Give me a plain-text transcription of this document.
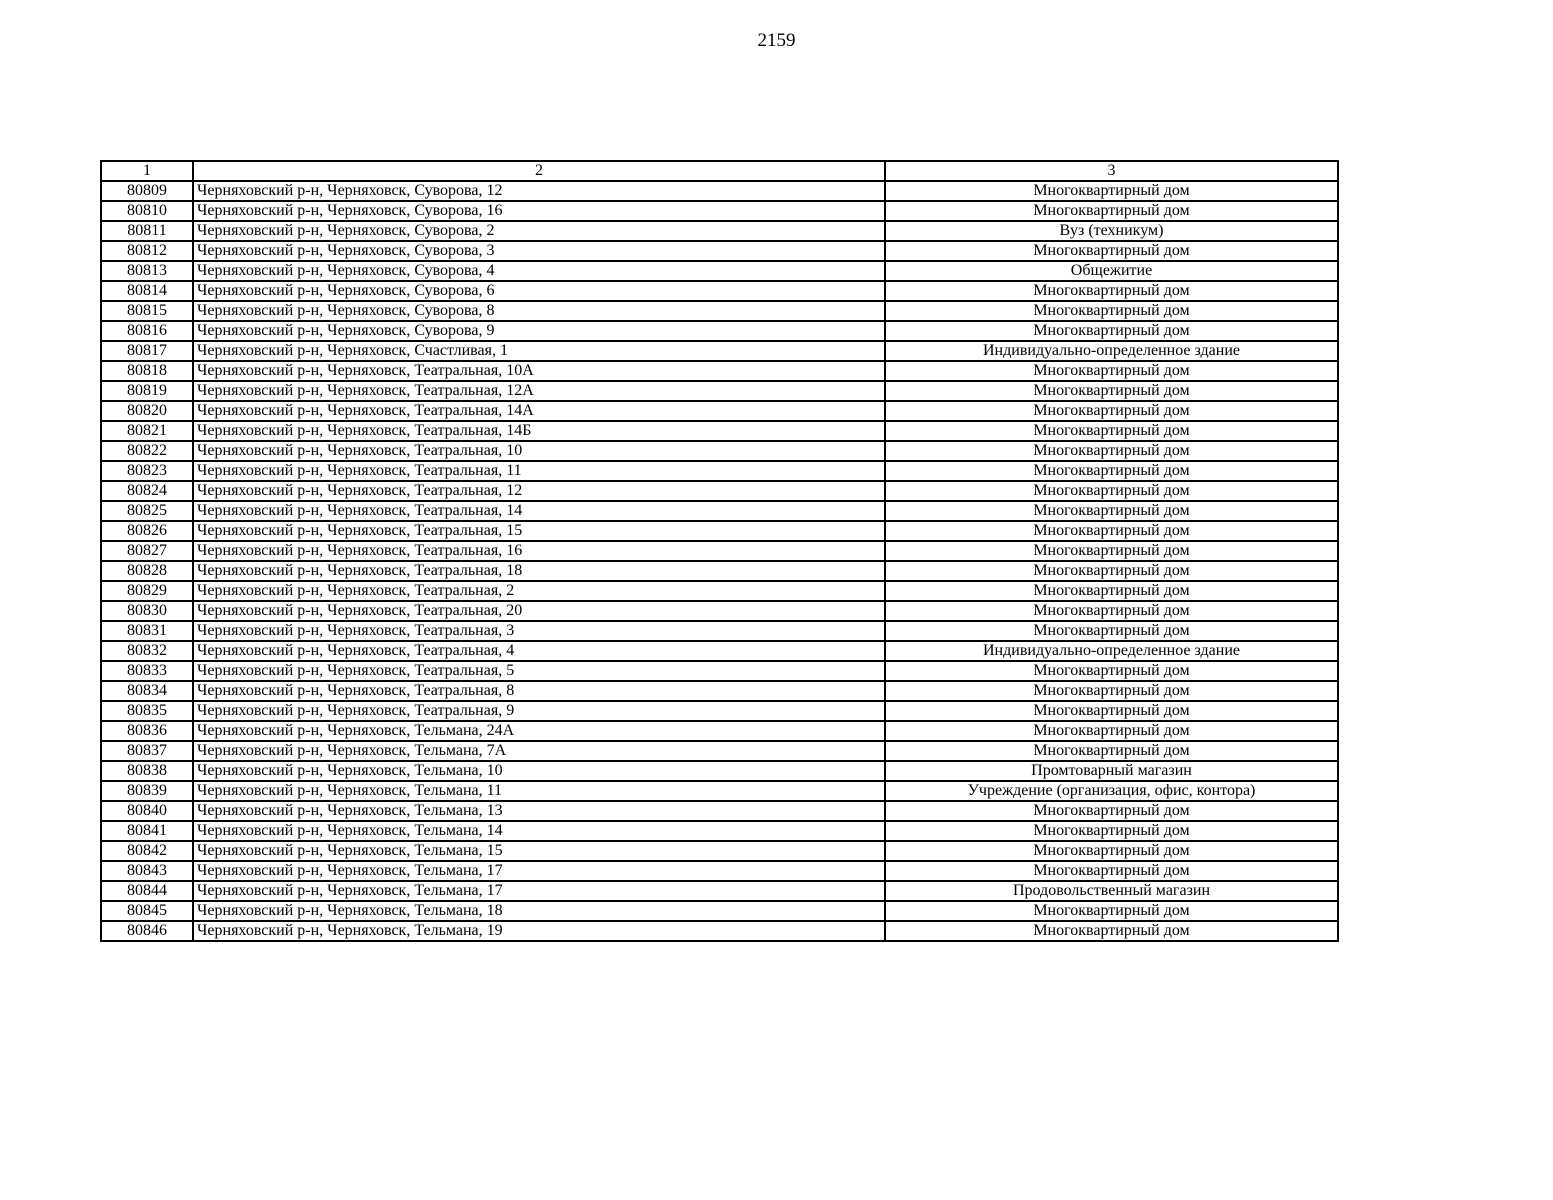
2159
1	2	3
80809	Черняховский р-н, Черняховск, Суворова, 12	Многоквартирный дом
80810	Черняховский р-н, Черняховск, Суворова, 16	Многоквартирный дом
80811	Черняховский р-н, Черняховск, Суворова, 2	Вуз (техникум)
80812	Черняховский р-н, Черняховск, Суворова, 3	Многоквартирный дом
80813	Черняховский р-н, Черняховск, Суворова, 4	Общежитие
80814	Черняховский р-н, Черняховск, Суворова, 6	Многоквартирный дом
80815	Черняховский р-н, Черняховск, Суворова, 8	Многоквартирный дом
80816	Черняховский р-н, Черняховск, Суворова, 9	Многоквартирный дом
80817	Черняховский р-н, Черняховск, Счастливая, 1	Индивидуально-определенное здание
80818	Черняховский р-н, Черняховск, Театральная, 10А	Многоквартирный дом
80819	Черняховский р-н, Черняховск, Театральная, 12А	Многоквартирный дом
80820	Черняховский р-н, Черняховск, Театральная, 14А	Многоквартирный дом
80821	Черняховский р-н, Черняховск, Театральная, 14Б	Многоквартирный дом
80822	Черняховский р-н, Черняховск, Театральная, 10	Многоквартирный дом
80823	Черняховский р-н, Черняховск, Театральная, 11	Многоквартирный дом
80824	Черняховский р-н, Черняховск, Театральная, 12	Многоквартирный дом
80825	Черняховский р-н, Черняховск, Театральная, 14	Многоквартирный дом
80826	Черняховский р-н, Черняховск, Театральная, 15	Многоквартирный дом
80827	Черняховский р-н, Черняховск, Театральная, 16	Многоквартирный дом
80828	Черняховский р-н, Черняховск, Театральная, 18	Многоквартирный дом
80829	Черняховский р-н, Черняховск, Театральная, 2	Многоквартирный дом
80830	Черняховский р-н, Черняховск, Театральная, 20	Многоквартирный дом
80831	Черняховский р-н, Черняховск, Театральная, 3	Многоквартирный дом
80832	Черняховский р-н, Черняховск, Театральная, 4	Индивидуально-определенное здание
80833	Черняховский р-н, Черняховск, Театральная, 5	Многоквартирный дом
80834	Черняховский р-н, Черняховск, Театральная, 8	Многоквартирный дом
80835	Черняховский р-н, Черняховск, Театральная, 9	Многоквартирный дом
80836	Черняховский р-н, Черняховск, Тельмана, 24А	Многоквартирный дом
80837	Черняховский р-н, Черняховск, Тельмана, 7А	Многоквартирный дом
80838	Черняховский р-н, Черняховск, Тельмана, 10	Промтоварный магазин
80839	Черняховский р-н, Черняховск, Тельмана, 11	Учреждение (организация, офис, контора)
80840	Черняховский р-н, Черняховск, Тельмана, 13	Многоквартирный дом
80841	Черняховский р-н, Черняховск, Тельмана, 14	Многоквартирный дом
80842	Черняховский р-н, Черняховск, Тельмана, 15	Многоквартирный дом
80843	Черняховский р-н, Черняховск, Тельмана, 17	Многоквартирный дом
80844	Черняховский р-н, Черняховск, Тельмана, 17	Продовольственный магазин
80845	Черняховский р-н, Черняховск, Тельмана, 18	Многоквартирный дом
80846	Черняховский р-н, Черняховск, Тельмана, 19	Многоквартирный дом
